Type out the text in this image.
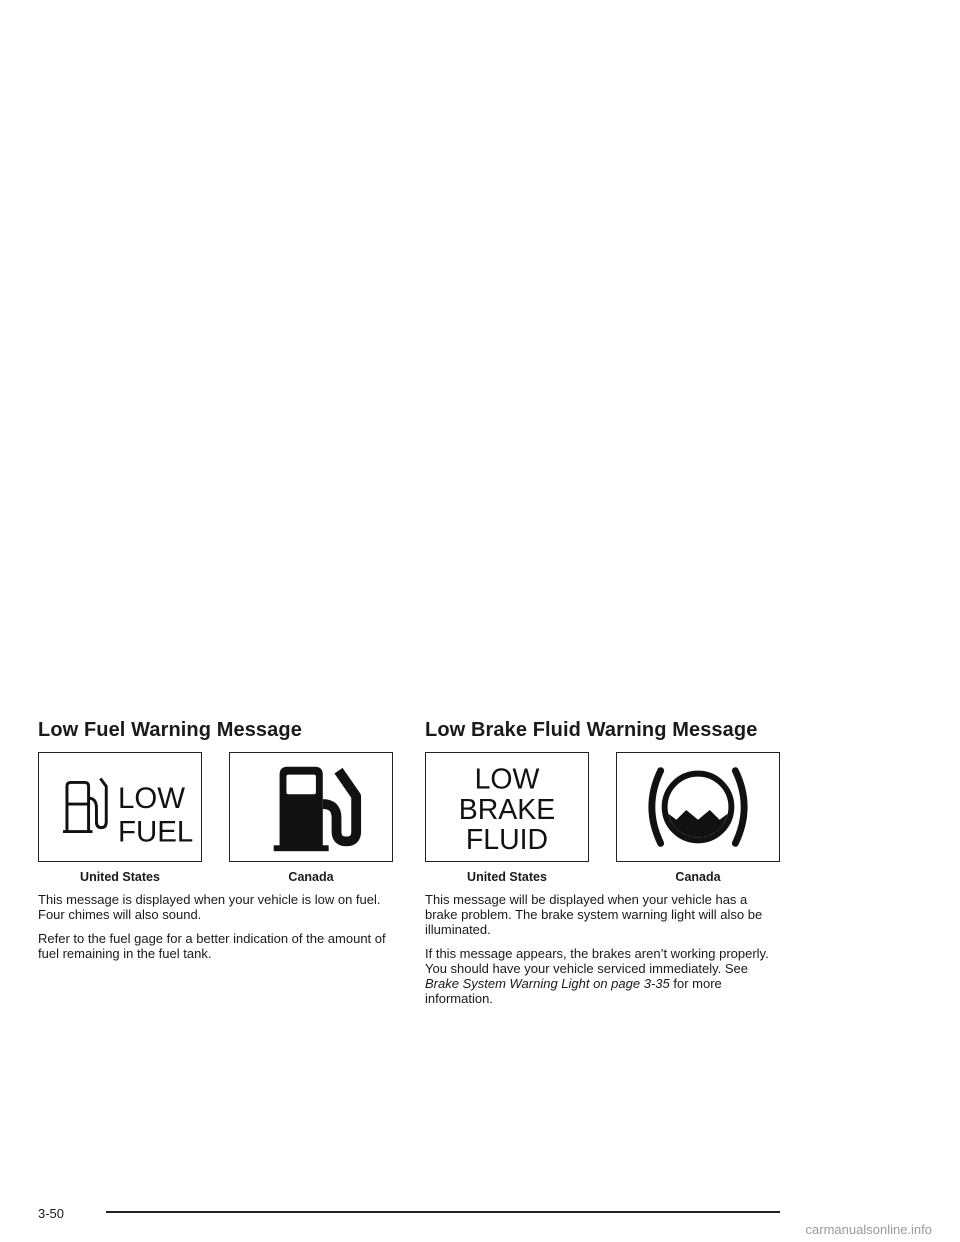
Low Fuel Warning Message
LOW
FUEL
United States	Canada

This message is displayed when your vehicle is low on fuel. Four chimes will also sound.

Refer to the fuel gage for a better indication of the amount of fuel remaining in the fuel tank.

Low Brake Fluid Warning Message
LOW
BRAKE
FLUID
United States	Canada

This message will be displayed when your vehicle has a brake problem. The brake system warning light will also be illuminated.

If this message appears, the brakes aren’t working properly. You should have your vehicle serviced immediately. See Brake System Warning Light on page 3-35 for more information.

3-50
carmanualsonline.info
